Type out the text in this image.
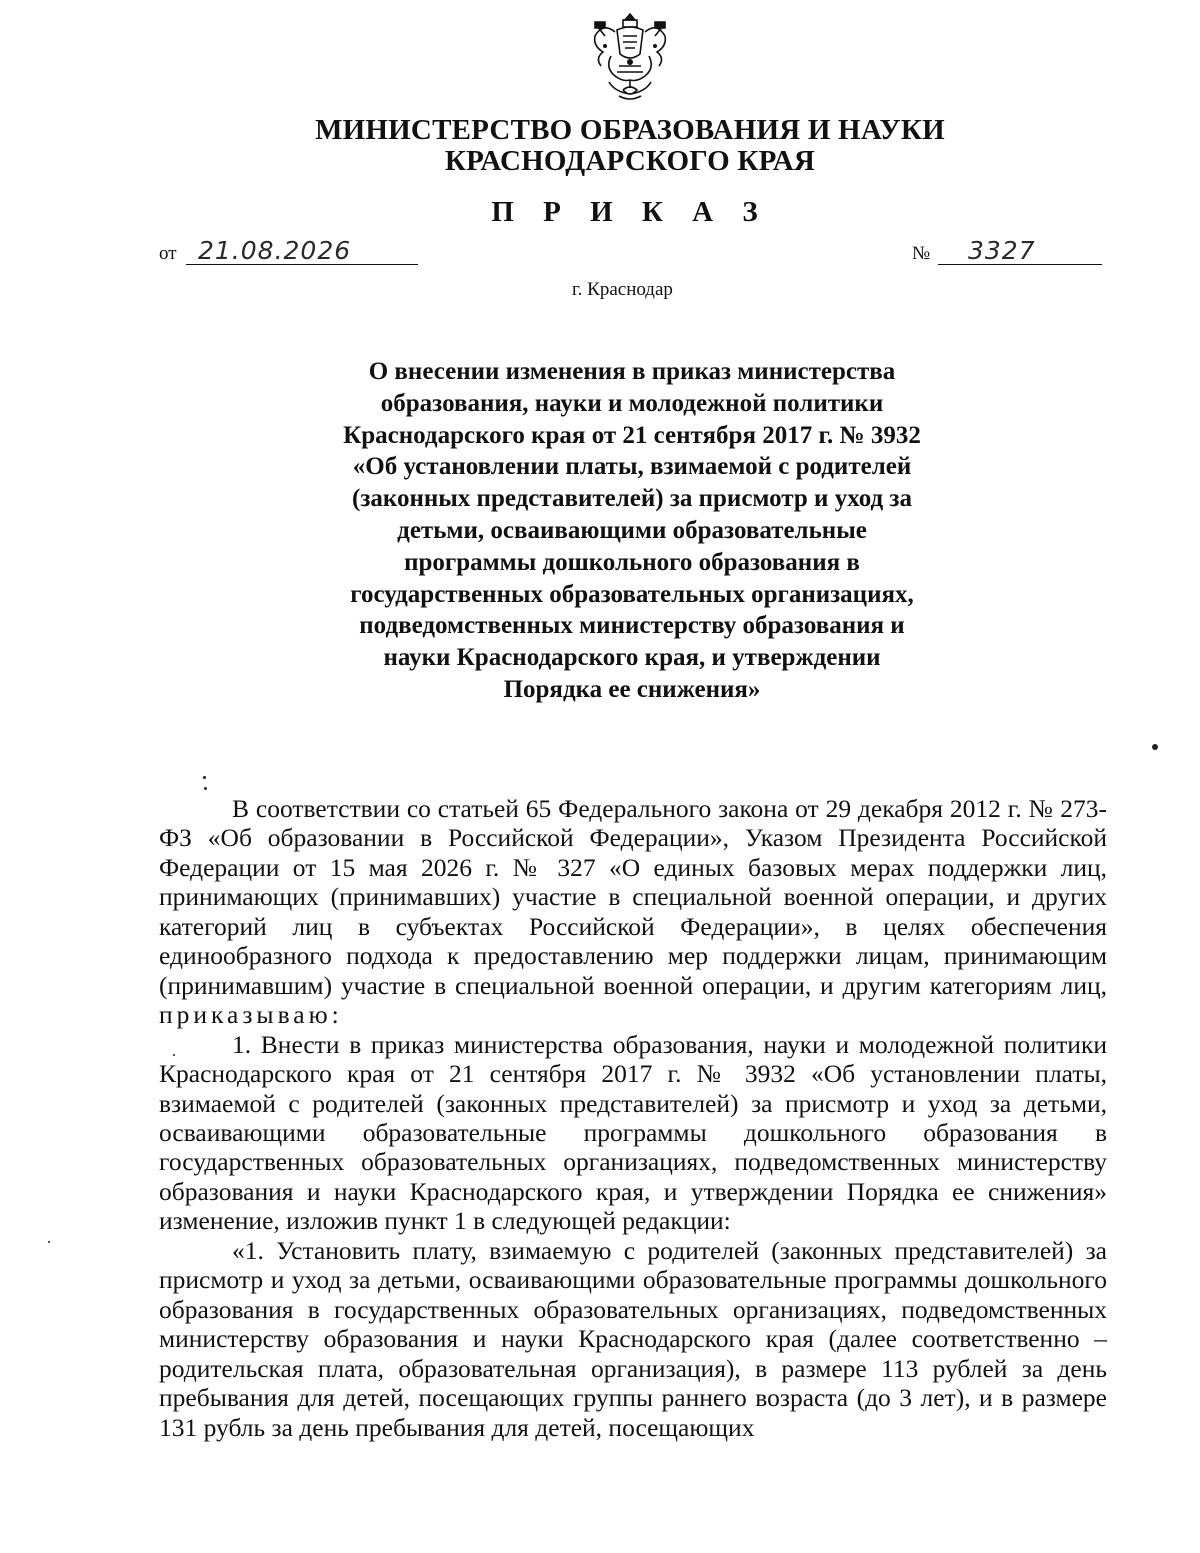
МИНИСТЕРСТВО ОБРАЗОВАНИЯ И НАУКИ
КРАСНОДАРСКОГО КРАЯ
П Р И К А З
от 21.08.2026	№ 3327
г. Краснодар
О внесении изменения в приказ министерства
образования, науки и молодежной политики
Краснодарского края от 21 сентября 2017 г. № 3932
«Об установлении платы, взимаемой с родителей
(законных представителей) за присмотр и уход за
детьми, осваивающими образовательные
программы дошкольного образования в
государственных образовательных организациях,
подведомственных министерству образования и
науки Краснодарского края, и утверждении
Порядка ее снижения»

В соответствии со статьей 65 Федерального закона от 29 декабря 2012 г. № 273-ФЗ «Об образовании в Российской Федерации», Указом Президента Российской Федерации от 15 мая 2026 г. № 327 «О единых базовых мерах поддержки лиц, принимающих (принимавших) участие в специальной военной операции, и других категорий лиц в субъектах Российской Федерации», в целях обеспечения единообразного подхода к предоставлению мер поддержки лицам, принимающим (принимавшим) участие в специальной военной операции, и другим категориям лиц, приказываю:

1. Внести в приказ министерства образования, науки и молодежной политики Краснодарского края от 21 сентября 2017 г. № 3932 «Об установлении платы, взимаемой с родителей (законных представителей) за присмотр и уход за детьми, осваивающими образовательные программы дошкольного образования в государственных образовательных организациях, подведомственных министерству образования и науки Краснодарского края, и утверждении Порядка ее снижения» изменение, изложив пункт 1 в следующей редакции:

«1. Установить плату, взимаемую с родителей (законных представителей) за присмотр и уход за детьми, осваивающими образовательные программы дошкольного образования в государственных образовательных организациях, подведомственных министерству образования и науки Краснодарского края (далее соответственно – родительская плата, образовательная организация), в размере 113 рублей за день пребывания для детей, посещающих группы раннего возраста (до 3 лет), и в размере 131 рубль за день пребывания для детей, посещающих
